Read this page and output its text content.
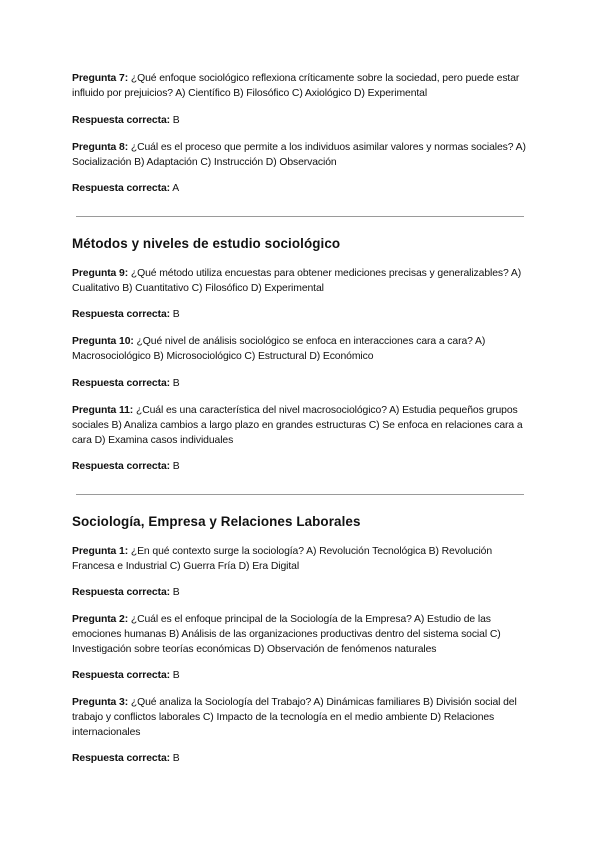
Pregunta 7: ¿Qué enfoque sociológico reflexiona críticamente sobre la sociedad, pero puede estar influido por prejuicios? A) Científico B) Filosófico C) Axiológico D) Experimental
Respuesta correcta: B
Pregunta 8: ¿Cuál es el proceso que permite a los individuos asimilar valores y normas sociales? A) Socialización B) Adaptación C) Instrucción D) Observación
Respuesta correcta: A
Métodos y niveles de estudio sociológico
Pregunta 9: ¿Qué método utiliza encuestas para obtener mediciones precisas y generalizables? A) Cualitativo B) Cuantitativo C) Filosófico D) Experimental
Respuesta correcta: B
Pregunta 10: ¿Qué nivel de análisis sociológico se enfoca en interacciones cara a cara? A) Macrosociológico B) Microsociológico C) Estructural D) Económico
Respuesta correcta: B
Pregunta 11: ¿Cuál es una característica del nivel macrosociológico? A) Estudia pequeños grupos sociales B) Analiza cambios a largo plazo en grandes estructuras C) Se enfoca en relaciones cara a cara D) Examina casos individuales
Respuesta correcta: B
Sociología, Empresa y Relaciones Laborales
Pregunta 1: ¿En qué contexto surge la sociología? A) Revolución Tecnológica B) Revolución Francesa e Industrial C) Guerra Fría D) Era Digital
Respuesta correcta: B
Pregunta 2: ¿Cuál es el enfoque principal de la Sociología de la Empresa? A) Estudio de las emociones humanas B) Análisis de las organizaciones productivas dentro del sistema social C) Investigación sobre teorías económicas D) Observación de fenómenos naturales
Respuesta correcta: B
Pregunta 3: ¿Qué analiza la Sociología del Trabajo? A) Dinámicas familiares B) División social del trabajo y conflictos laborales C) Impacto de la tecnología en el medio ambiente D) Relaciones internacionales
Respuesta correcta: B
